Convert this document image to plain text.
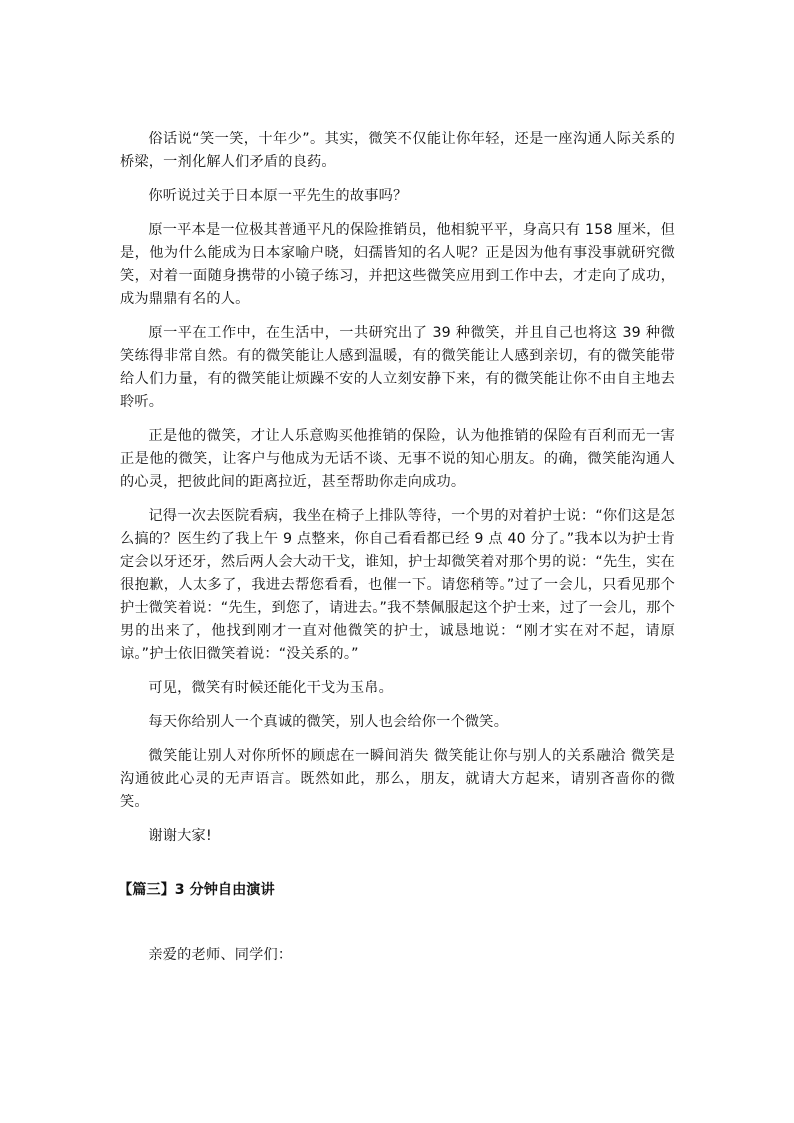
俗话说“笑一笑，十年少”。其实，微笑不仅能让你年轻，还是一座沟通人际关系的桥梁，一剂化解人们矛盾的良药。

你听说过关于日本原一平先生的故事吗？

原一平本是一位极其普通平凡的保险推销员，他相貌平平，身高只有 158 厘米，但是，他为什么能成为日本家喻户晓，妇孺皆知的名人呢？正是因为他有事没事就研究微笑，对着一面随身携带的小镜子练习，并把这些微笑应用到工作中去，才走向了成功，成为鼎鼎有名的人。

原一平在工作中，在生活中，一共研究出了 39 种微笑，并且自己也将这 39 种微笑练得非常自然。有的微笑能让人感到温暖，有的微笑能让人感到亲切，有的微笑能带给人们力量，有的微笑能让烦躁不安的人立刻安静下来，有的微笑能让你不由自主地去聆听。

正是他的微笑，才让人乐意购买他推销的保险，认为他推销的保险有百利而无一害 正是他的微笑，让客户与他成为无话不谈、无事不说的知心朋友。的确，微笑能沟通人的心灵，把彼此间的距离拉近，甚至帮助你走向成功。

记得一次去医院看病，我坐在椅子上排队等待，一个男的对着护士说：“你们这是怎么搞的？医生约了我上午 9 点整来，你自己看看都已经 9 点 40 分了。”我本以为护士肯定会以牙还牙，然后两人会大动干戈，谁知，护士却微笑着对那个男的说：“先生，实在很抱歉，人太多了，我进去帮您看看，也催一下。请您稍等。”过了一会儿，只看见那个护士微笑着说：“先生，到您了，请进去。”我不禁佩服起这个护士来，过了一会儿，那个男的出来了，他找到刚才一直对他微笑的护士，诚恳地说：“刚才实在对不起，请原谅。”护士依旧微笑着说：“没关系的。”

可见，微笑有时候还能化干戈为玉帛。

每天你给别人一个真诚的微笑，别人也会给你一个微笑。

微笑能让别人对你所怀的顾虑在一瞬间消失 微笑能让你与别人的关系融洽 微笑是沟通彼此心灵的无声语言。既然如此，那么，朋友，就请大方起来，请别吝啬你的微笑。

谢谢大家!

【篇三】3 分钟自由演讲

亲爱的老师、同学们：
